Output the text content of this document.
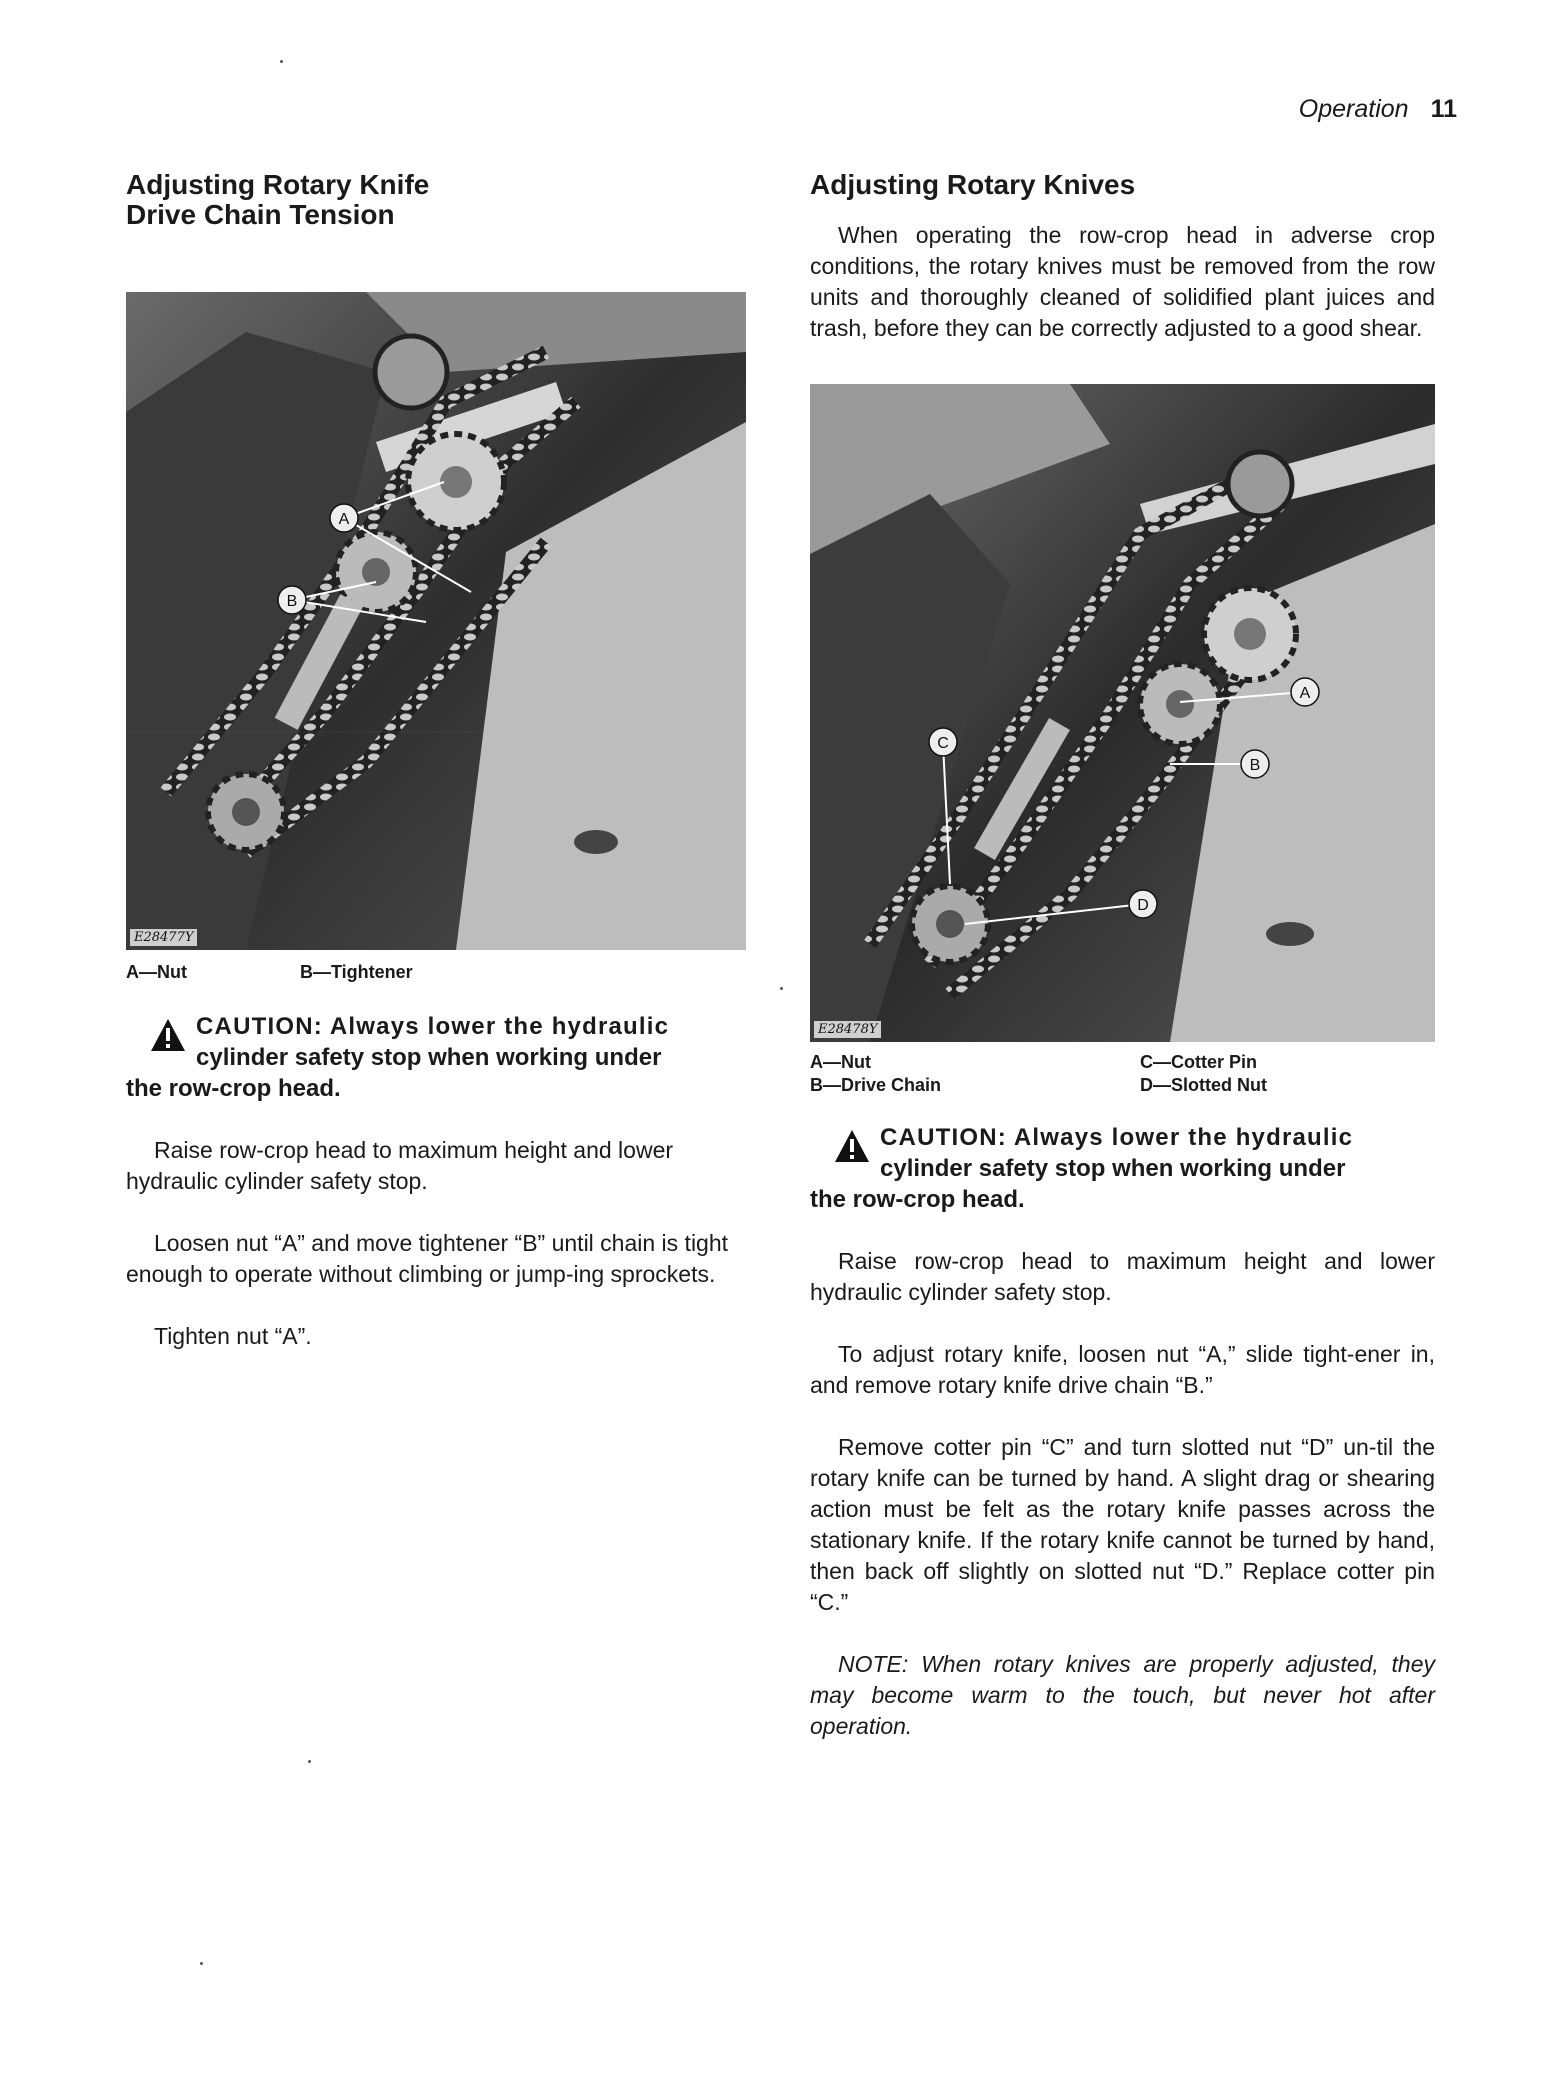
Operation 11
Adjusting Rotary Knife
Drive Chain Tension
A
B
E28477Y
A—Nut	B—Tightener
CAUTION: Always lower the hydraulic
cylinder safety stop when working under
the row-crop head.

Raise row-crop head to maximum height and lower hydraulic cylinder safety stop.

Loosen nut “A” and move tightener “B” until chain is tight enough to operate without climbing or jump-ing sprockets.

Tighten nut “A”.

Adjusting Rotary Knives

When operating the row-crop head in adverse crop conditions, the rotary knives must be removed from the row units and thoroughly cleaned of solidified plant juices and trash, before they can be correctly adjusted to a good shear.

A
B
C
D
E28478Y
A—Nut	C—Cotter Pin
B—Drive Chain	D—Slotted Nut
CAUTION: Always lower the hydraulic
cylinder safety stop when working under
the row-crop head.

Raise row-crop head to maximum height and lower hydraulic cylinder safety stop.

To adjust rotary knife, loosen nut “A,” slide tight-ener in, and remove rotary knife drive chain “B.”

Remove cotter pin “C” and turn slotted nut “D” un-til the rotary knife can be turned by hand. A slight drag or shearing action must be felt as the rotary knife passes across the stationary knife. If the rotary knife cannot be turned by hand, then back off slightly on slotted nut “D.” Replace cotter pin “C.”

NOTE: When rotary knives are properly adjusted, they may become warm to the touch, but never hot after operation.
